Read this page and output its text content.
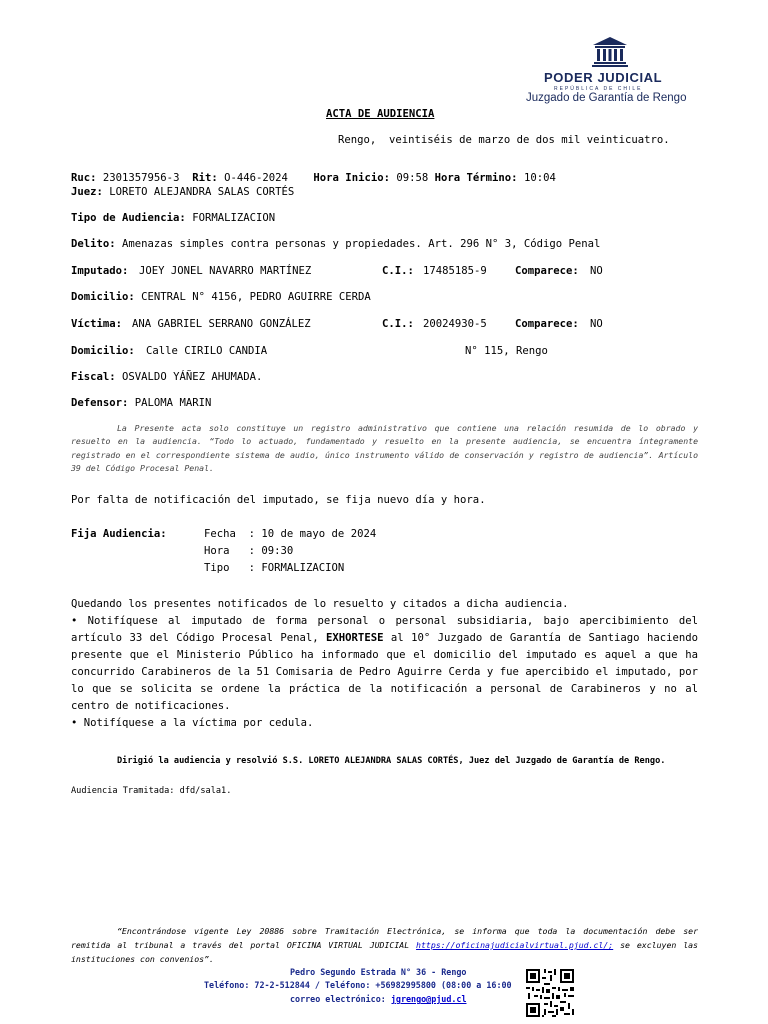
PODER JUDICIAL
REPÚBLICA DE CHILE
Juzgado de Garantía de Rengo
ACTA DE AUDIENCIA
Rengo,  veintiséis de marzo de dos mil veinticuatro.

Ruc: 2301357956-3 Rit: O-446-2024 Hora Inicio: 09:58 Hora Término: 10:04
Juez: LORETO ALEJANDRA SALAS CORTÉS
Tipo de Audiencia: FORMALIZACION
Delito: Amenazas simples contra personas y propiedades. Art. 296 N° 3, Código Penal
Imputado: JOEY JONEL NAVARRO MARTÍNEZ	C.I.: 17485185-9	Comparece: NO
Domicilio: CENTRAL N° 4156, PEDRO AGUIRRE CERDA
Víctima: ANA GABRIEL SERRANO GONZÁLEZ	C.I.: 20024930-5	Comparece: NO
Domicilio: Calle CIRILO CANDIA	N° 115, Rengo
Fiscal: OSVALDO YÁÑEZ AHUMADA.
Defensor: PALOMA MARIN
La Presente acta solo constituye un registro administrativo que contiene una relación resumida de lo obrado y resuelto en la audiencia. “Todo lo actuado, fundamentado y resuelto en la presente audiencia, se encuentra íntegramente registrado en el correspondiente sistema de audio, único instrumento válido de conservación y registro de audiencia”. Artículo 39 del Código Procesal Penal.
Por falta de notificación del imputado, se fija nuevo día y hora.
Fija Audiencia:	Fecha  : 10 de mayo de 2024
Hora   : 09:30
Tipo   : FORMALIZACION
Quedando los presentes notificados de lo resuelto y citados a dicha audiencia.
• Notifíquese al imputado de forma personal o personal subsidiaria, bajo apercibimiento del artículo 33 del Código Procesal Penal, EXHORTESE al 10° Juzgado de Garantía de Santiago haciendo presente que el Ministerio Público ha informado que el domicilio del imputado es aquel a que ha concurrido Carabineros de la 51 Comisaria de Pedro Aguirre Cerda y fue apercibido el imputado, por lo que se solicita se ordene la práctica de la notificación a personal de Carabineros y no al centro de notificaciones.
• Notifíquese a la víctima por cedula.
Dirigió la audiencia y resolvió S.S. LORETO ALEJANDRA SALAS CORTÉS, Juez del Juzgado de Garantía de Rengo.
Audiencia Tramitada: dfd/sala1.
“Encontrándose vigente Ley 20886 sobre Tramitación Electrónica, se informa que toda la documentación debe ser remitida al tribunal a través del portal OFICINA VIRTUAL JUDICIAL https://oficinajudicialvirtual.pjud.cl/; se excluyen las instituciones con convenios”.
Pedro Segundo Estrada N° 36 - Rengo
Teléfono: 72-2-512844 / Teléfono: +56982995800 (08:00 a 16:00
correo electrónico: jgrengo@pjud.cl
